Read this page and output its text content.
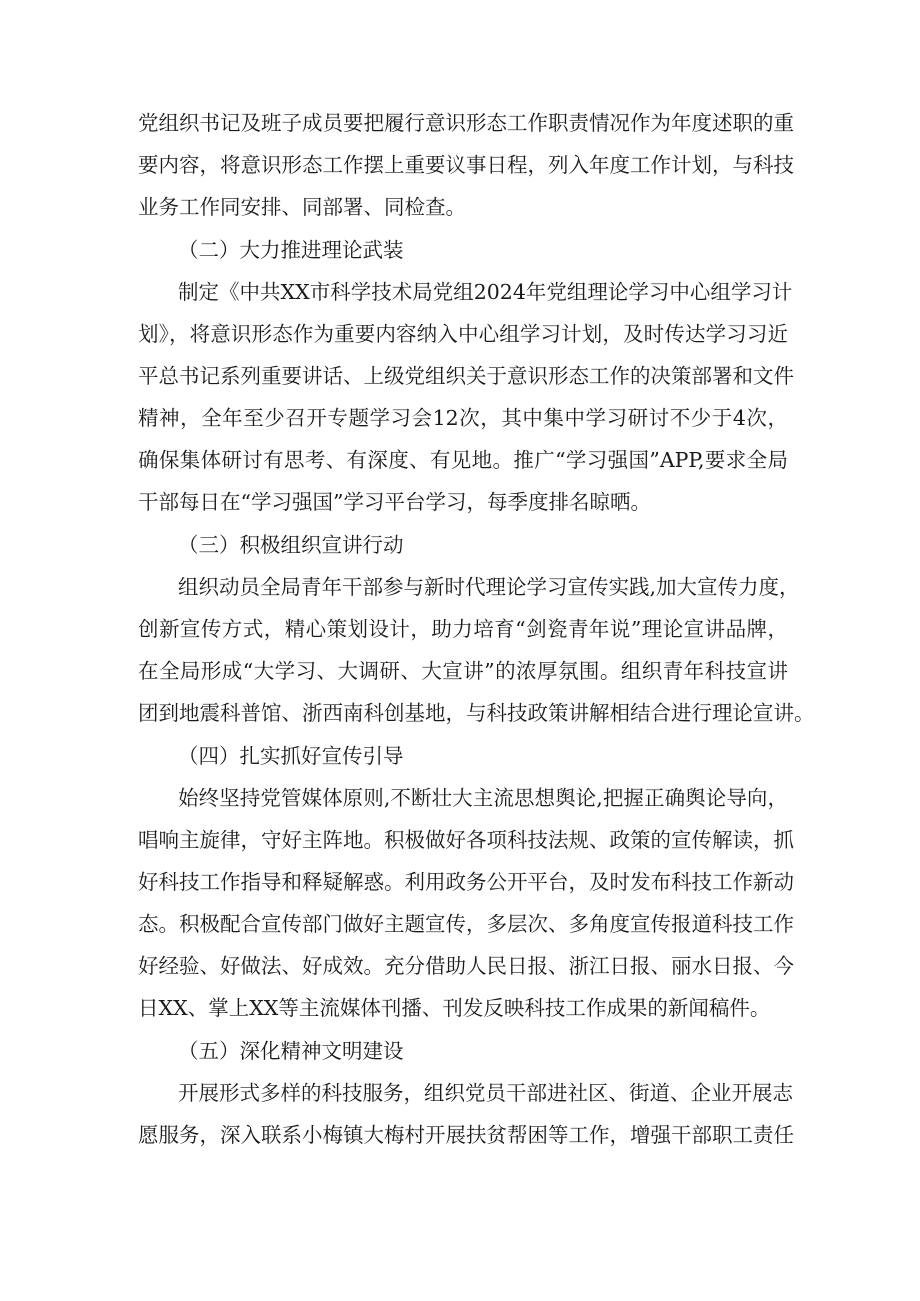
党组织书记及班子成员要把履行意识形态工作职责情况作为年度述职的重
要内容，将意识形态工作摆上重要议事日程，列入年度工作计划，与科技
业务工作同安排、同部署、同检查。
（二）大力推进理论武装
制定《中共XX市科学技术局党组2024年党组理论学习中心组学习计
划》，将意识形态作为重要内容纳入中心组学习计划，及时传达学习习近
平总书记系列重要讲话、上级党组织关于意识形态工作的决策部署和文件
精神，全年至少召开专题学习会12次，其中集中学习研讨不少于4次，
确保集体研讨有思考、有深度、有见地。推广“学习强国”APP,要求全局
干部每日在“学习强国”学习平台学习，每季度排名晾晒。
（三）积极组织宣讲行动
组织动员全局青年干部参与新时代理论学习宣传实践,加大宣传力度，
创新宣传方式，精心策划设计，助力培育“剑瓷青年说”理论宣讲品牌，
在全局形成“大学习、大调研、大宣讲”的浓厚氛围。组织青年科技宣讲
团到地震科普馆、浙西南科创基地，与科技政策讲解相结合进行理论宣讲。
（四）扎实抓好宣传引导
始终坚持党管媒体原则,不断壮大主流思想舆论,把握正确舆论导向，
唱响主旋律，守好主阵地。积极做好各项科技法规、政策的宣传解读，抓
好科技工作指导和释疑解惑。利用政务公开平台，及时发布科技工作新动
态。积极配合宣传部门做好主题宣传，多层次、多角度宣传报道科技工作
好经验、好做法、好成效。充分借助人民日报、浙江日报、丽水日报、今
日XX、掌上XX等主流媒体刊播、刊发反映科技工作成果的新闻稿件。
（五）深化精神文明建设
开展形式多样的科技服务，组织党员干部进社区、街道、企业开展志
愿服务，深入联系小梅镇大梅村开展扶贫帮困等工作，增强干部职工责任
